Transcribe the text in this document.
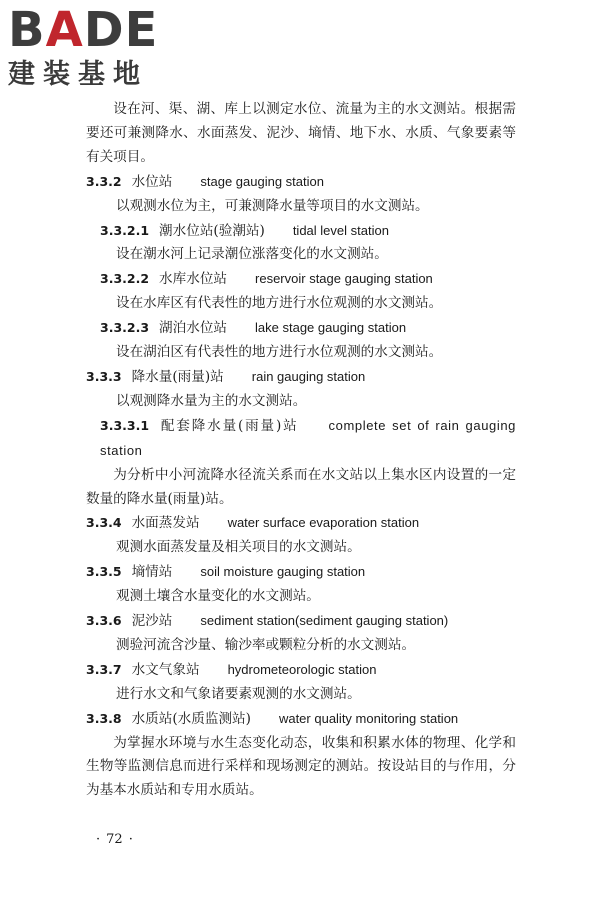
B A DE
建装基地

设在河、渠、湖、库上以测定水位、流量为主的水文测站。根据需要还可兼测降水、水面蒸发、泥沙、墒情、地下水、水质、气象要素等有关项目。

3.3.2 水位站 stage gauging station

以观测水位为主，可兼测降水量等项目的水文测站。

3.3.2.1 潮水位站(验潮站) tidal level station

设在潮水河上记录潮位涨落变化的水文测站。

3.3.2.2 水库水位站 reservoir stage gauging station

设在水库区有代表性的地方进行水位观测的水文测站。

3.3.2.3 湖泊水位站 lake stage gauging station

设在湖泊区有代表性的地方进行水位观测的水文测站。

3.3.3 降水量(雨量)站 rain gauging station

以观测降水量为主的水文测站。

3.3.3.1 配套降水量(雨量)站 complete set of rain gauging station

为分析中小河流降水径流关系而在水文站以上集水区内设置的一定数量的降水量(雨量)站。

3.3.4 水面蒸发站 water surface evaporation station

观测水面蒸发量及相关项目的水文测站。

3.3.5 墒情站 soil moisture gauging station

观测土壤含水量变化的水文测站。

3.3.6 泥沙站 sediment station(sediment gauging station)

测验河流含沙量、输沙率或颗粒分析的水文测站。

3.3.7 水文气象站 hydrometeorologic station

进行水文和气象诸要素观测的水文测站。

3.3.8 水质站(水质监测站) water quality monitoring station

为掌握水环境与水生态变化动态，收集和积累水体的物理、化学和生物等监测信息而进行采样和现场测定的测站。按设站目的与作用，分为基本水质站和专用水质站。

· 72 ·
